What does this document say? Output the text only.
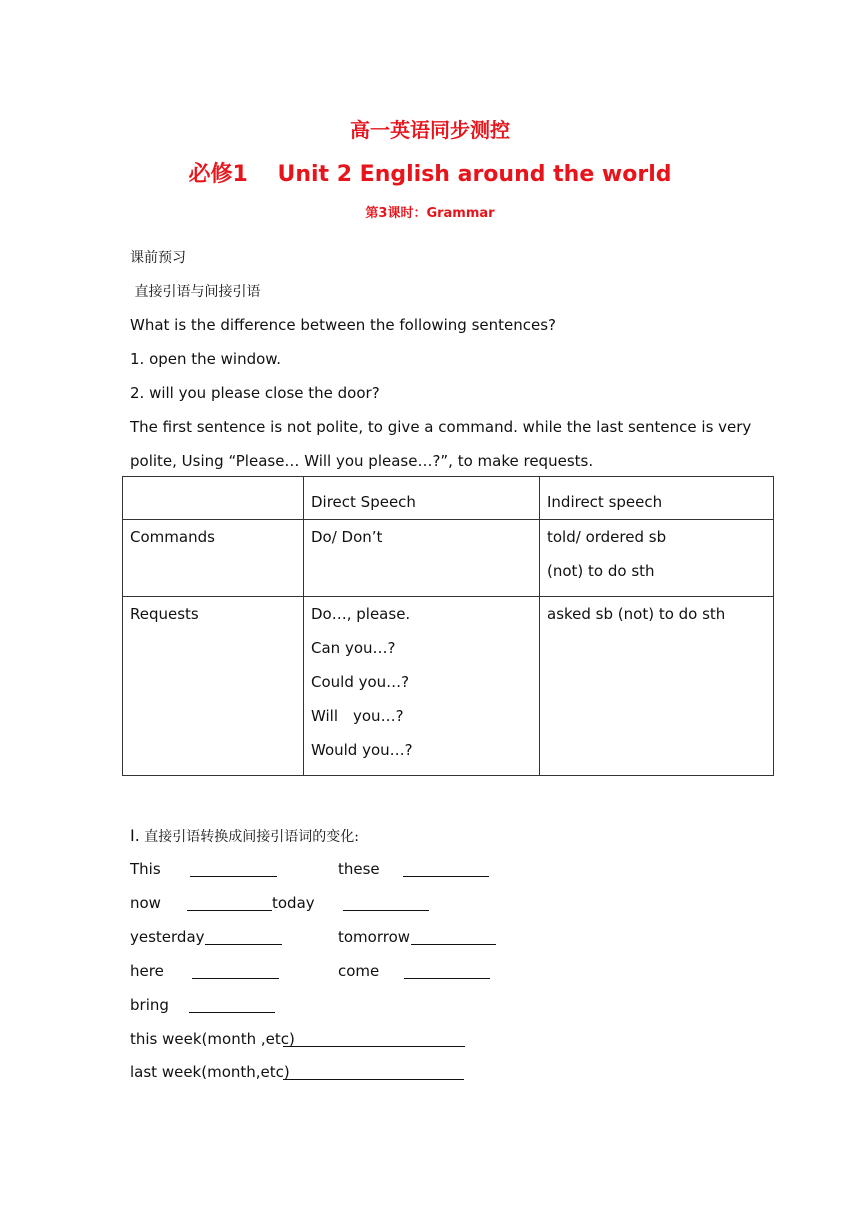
高一英语同步测控
必修1　 Unit 2 English around the world
第3课时：Grammar
课前预习
直接引语与间接引语
What is the difference between the following sentences?
1. open the window.
2. will you please close the door?
The first sentence is not polite, to give a command. while the last sentence is very
polite, Using “Please… Will you please…?”, to make requests.
	Direct Speech	Indirect speech

Commands	Do/ Don’t	told/ ordered sb
(not) to do sth

Requests	Do…, please.
Can you…?
Could you…?
Will　you…?
Would you…?	asked sb (not) to do sth
I. 直接引语转换成间接引语词的变化:
This	these
now	today
yesterday	tomorrow
here	come
bring
this week(month ,etc)
last week(month,etc)
